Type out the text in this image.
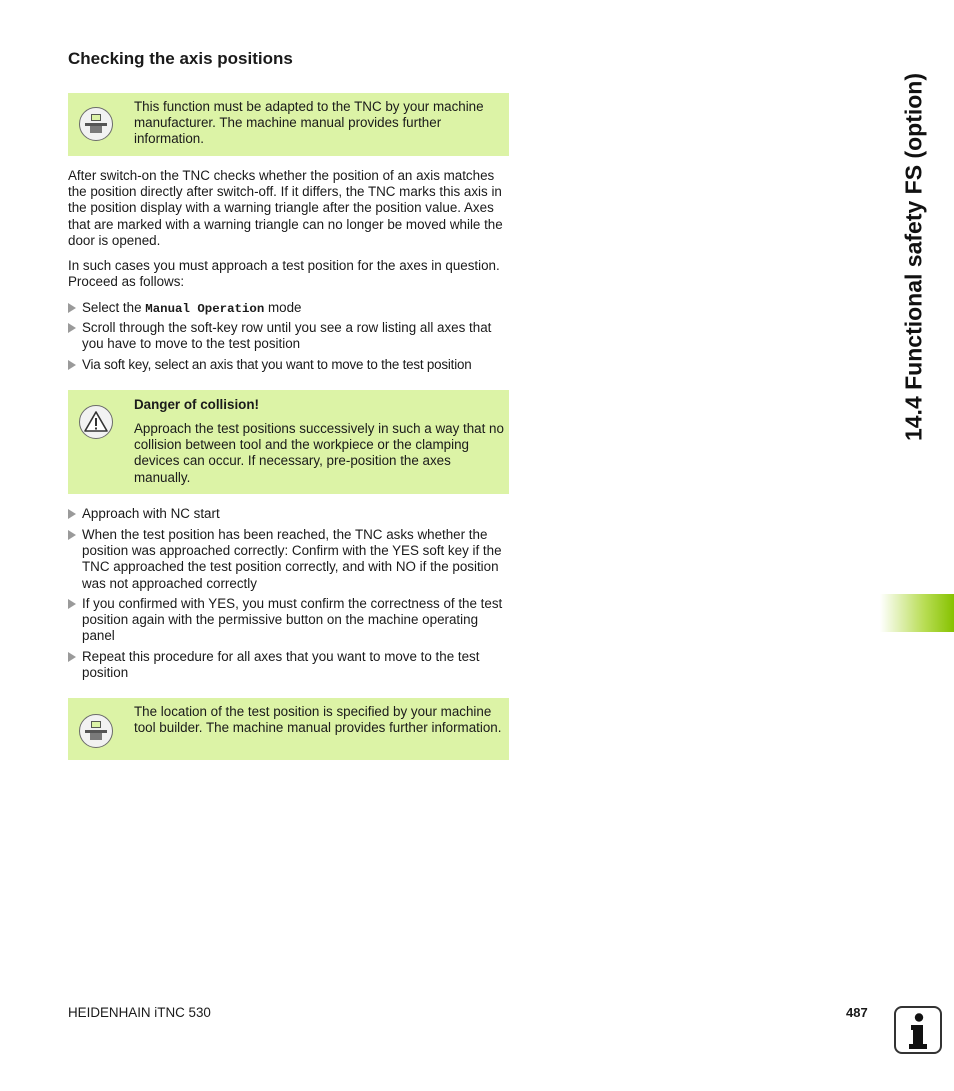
Checking the axis positions
This function must be adapted to the TNC by your machine manufacturer. The machine manual provides further information.

After switch-on the TNC checks whether the position of an axis matches the position directly after switch-off. If it differs, the TNC marks this axis in the position display with a warning triangle after the position value. Axes that are marked with a warning triangle can no longer be moved while the door is opened.

In such cases you must approach a test position for the axes in question. Proceed as follows:

Select the Manual Operation mode
Scroll through the soft-key row until you see a row listing all axes that you have to move to the test position
Via soft key, select an axis that you want to move to the test position
Danger of collision!
Approach the test positions successively in such a way that no collision between tool and the workpiece or the clamping devices can occur. If necessary, pre-position the axes manually.
Approach with NC start
When the test position has been reached, the TNC asks whether the position was approached correctly: Confirm with the YES soft key if the TNC approached the test position correctly, and with NO if the position was not approached correctly
If you confirmed with YES, you must confirm the correctness of the test position again with the permissive button on the machine operating panel
Repeat this procedure for all axes that you want to move to the test position
The location of the test position is specified by your machine tool builder. The machine manual provides further information.
14.4 Functional safety FS (option)
HEIDENHAIN iTNC 530	487
